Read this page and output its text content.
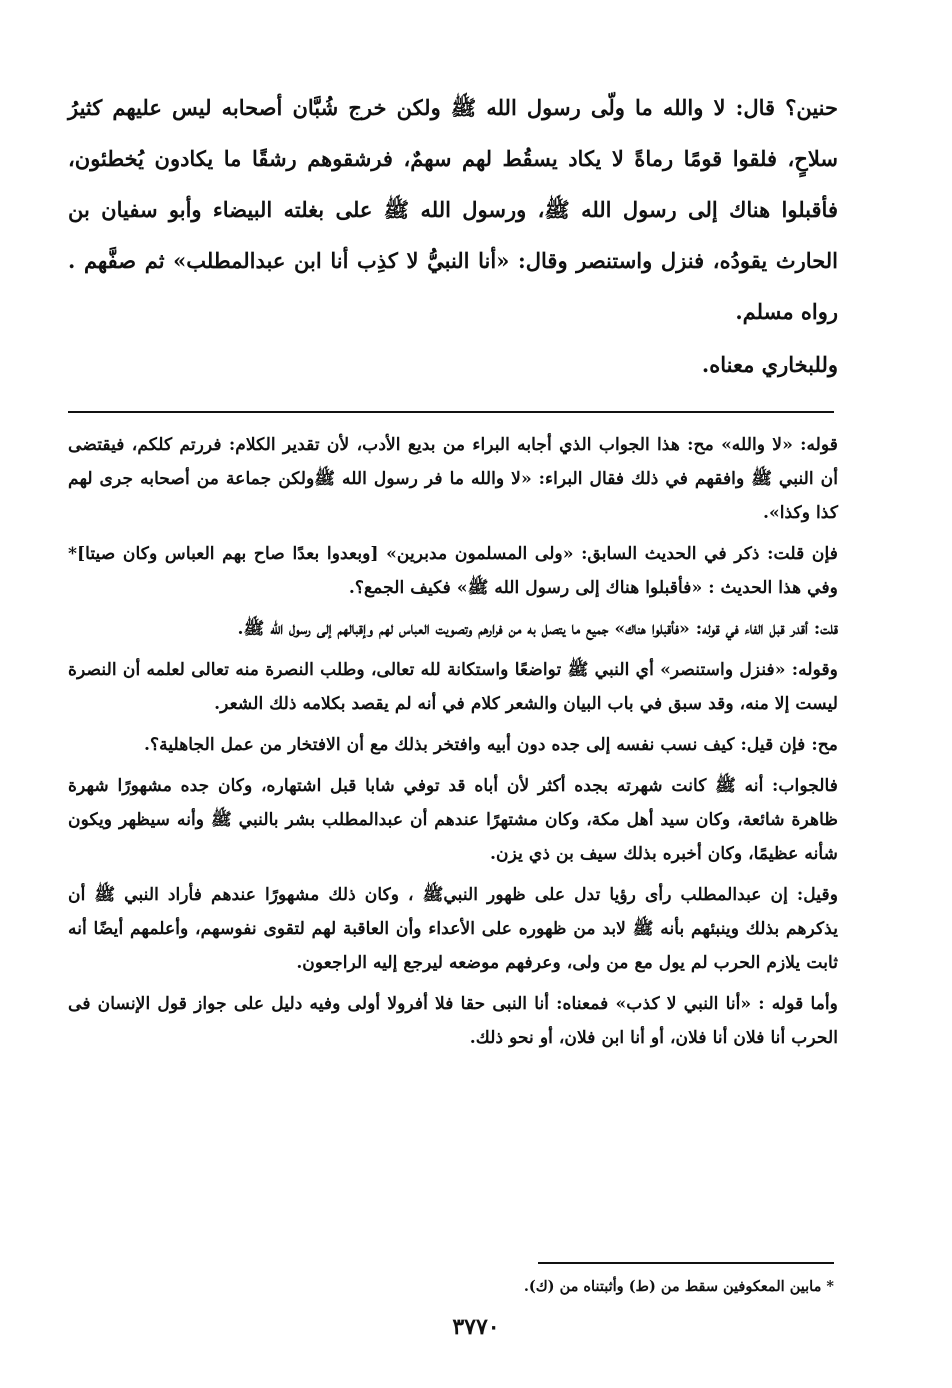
حنين؟ قال: لا والله ما ولّى رسول الله ﷺ ولكن خرج شُبَّان أصحابه ليس عليهم كثيرُ سلاحٍ، فلقوا قومًا رماةً لا يكاد يسقُط لهم سهمٌ، فرشقوهم رشقًا ما يكادون يُخطئون، فأقبلوا هناك إلى رسول الله ﷺ، ورسول الله ﷺ على بغلته البيضاء وأبو سفيان بن الحارث يقودُه، فنزل واستنصر وقال: «أنا النبيُّ لا كذِب أنا ابن عبدالمطلب» ثم صفَّهم . رواه مسلم.

وللبخاري معناه.

قوله: «لا والله» مح: هذا الجواب الذي أجابه البراء من بديع الأدب، لأن تقدير الكلام: فررتم كلكم، فيقتضى أن النبي ﷺ وافقهم في ذلك فقال البراء: «لا والله ما فر رسول الله ﷺولكن جماعة من أصحابه جرى لهم كذا وكذا».

فإن قلت: ذكر في الحديث السابق: «ولى المسلمون مدبرين» [وبعدوا بعدًا صاح بهم العباس وكان صيتا]* وفي هذا الحديث : «فأقبلوا هناك إلى رسول الله ﷺ» فكيف الجمع؟.

قلت: أقدر قبل الفاء في قوله: «فأقبلوا هناك» جميع ما يتصل به من فرارهم وتصويت العباس لهم وإقبالهم إلى رسول الله ﷺ.

وقوله: «فنزل واستنصر» أي النبي ﷺ تواضعًا واستكانة لله تعالى، وطلب النصرة منه تعالى لعلمه أن النصرة ليست إلا منه، وقد سبق في باب البيان والشعر كلام في أنه لم يقصد بكلامه ذلك الشعر.

مح: فإن قيل: كيف نسب نفسه إلى جده دون أبيه وافتخر بذلك مع أن الافتخار من عمل الجاهلية؟.

فالجواب: أنه ﷺ كانت شهرته بجده أكثر لأن أباه قد توفي شابا قبل اشتهاره، وكان جده مشهورًا شهرة ظاهرة شائعة، وكان سيد أهل مكة، وكان مشتهرًا عندهم أن عبدالمطلب بشر بالنبي ﷺ وأنه سيظهر ويكون شأنه عظيمًا، وكان أخبره بذلك سيف بن ذي يزن.

وقيل: إن عبدالمطلب رأى رؤيا تدل على ظهور النبيﷺ ، وكان ذلك مشهورًا عندهم فأراد النبي ﷺ أن يذكرهم بذلك وينبئهم بأنه ﷺ لابد من ظهوره على الأعداء وأن العاقبة لهم لتقوى نفوسهم، وأعلمهم أيضًا أنه ثابت يلازم الحرب لم يول مع من ولى، وعرفهم موضعه ليرجع إليه الراجعون.

وأما قوله : «أنا النبي لا كذب» فمعناه: أنا النبى حقا فلا أفرولا أولى وفيه دليل على جواز قول الإنسان فى الحرب أنا فلان أنا فلان، أو أنا ابن فلان، أو نحو ذلك.

* مابين المعكوفين سقط من (ط) وأثبتناه من (ك).
٣٧٧٠
